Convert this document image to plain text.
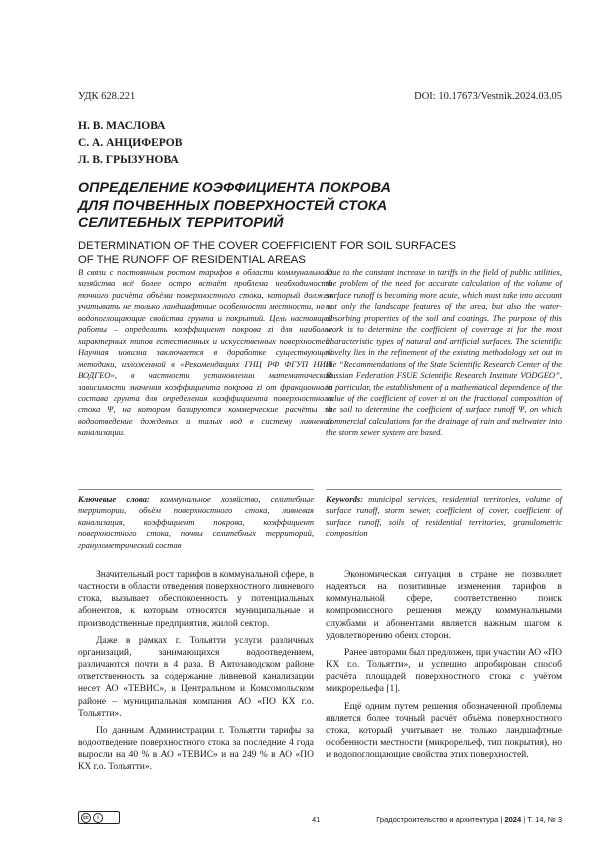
УДК 628.221	DOI: 10.17673/Vestnik.2024.03.05
Н. В. МАСЛОВА
С. А. АНЦИФЕРОВ
Л. В. ГРЫЗУНОВА
ОПРЕДЕЛЕНИЕ КОЭФФИЦИЕНТА ПОКРОВА
ДЛЯ ПОЧВЕННЫХ ПОВЕРХНОСТЕЙ СТОКА
СЕЛИТЕБНЫХ ТЕРРИТОРИЙ
DETERMINATION OF THE COVER COEFFICIENT FOR SOIL SURFACES
OF THE RUNOFF OF RESIDENTIAL AREAS
В связи с постоянным ростом тарифов в области коммунального хозяйства всё более остро встаёт проблема необходимости точного расчёта объёма поверхностного стока, который должен учитывать не только ландшафтные особенности местности, но и водопоглощающие свойства грунта и покрытий. Цель настоящей работы – определить коэффициент покрова zi для наиболее характерных типов естественных и искусственных поверхностей. Научная новизна заключается в доработке существующей методики, изложенной в «Рекомендациях ГНЦ РФ ФГУП НИИ ВОДГЕО», в частности установлении математической зависимости значения коэффициента покрова zi от фракционного состава грунта для определения коэффициента поверхностного стока Ψ, на котором базируются коммерческие расчёты за водоотведение дождевых и талых вод в систему ливневой канализации.
Due to the constant increase in tariffs in the field of public utilities, the problem of the need for accurate calculation of the volume of surface runoff is becoming more acute, which must take into account not only the landscape features of the area, but also the water-absorbing properties of the soil and coatings. The purpose of this work is to determine the coefficient of coverage zi for the most characteristic types of natural and artificial surfaces. The scientific novelty lies in the refinement of the existing methodology set out in the “Recommendations of the State Scientific Research Center of the Russian Federation FSUE Scientific Research Institute VODGEO”, in particular, the establishment of a mathematical dependence of the value of the coefficient of cover zi on the fractional composition of the soil to determine the coefficient of surface runoff Ψ, on which commercial calculations for the drainage of rain and meltwater into the storm sewer system are based.
Ключевые слова: коммунальное хозяйство, селитебные территории, объём поверхностного стока, ливневая канализация, коэффициент покрова, коэффициент поверхностного стока, почвы селитебных территорий, гранулометрический состав
Keywords: municipal services, residential territories, volume of surface runoff, storm sewer, coefficient of cover, coefficient of surface runoff, soils of residential territories, granulometric composition

Значительный рост тарифов в коммунальной сфере, в частности в области отведения поверхностного ливневого стока, вызывает обеспокоенность у потенциальных абонентов, к которым относятся муниципальные и производственные предприятия, жилой сектор.

Даже в рамках г. Тольятти услуги различных организаций, занимающихся водоотведением, различаются почти в 4 раза. В Автозаводском районе ответственность за содержание ливневой канализации несет АО «ТЕВИС», в Центральном и Комсомольском районе – муниципальная компания АО «ПО КХ г.о. Тольятти».

По данным Администрации г. Тольятти тарифы за водоотведение поверхностного стока за последние 4 года выросли на 40 % в АО «ТЕВИС» и на 249 % в АО «ПО КХ г.о. Тольятти».

Экономическая ситуация в стране не позволяет надеяться на позитивные изменения тарифов в коммунальной сфере, соответственно поиск компромиссного решения между коммунальными службами и абонентами является важным шагом к удовлетворению обеих сторон.

Ранее авторами был предложен, при участии АО «ПО КХ г.о. Тольятти», и успешно апробирован способ расчёта площадей поверхностного стока с учётом микрорельефа [1].

Ещё одним путем решения обозначенной проблемы является более точный расчёт объёма поверхностного стока, который учитывает не только ландшафтные особенности местности (микрорельеф, тип покрытия), но и водопоглощающие свойства этих поверхностей.

cc	i	41	Градостроительство и архитектура | 2024 | Т. 14, № 3
